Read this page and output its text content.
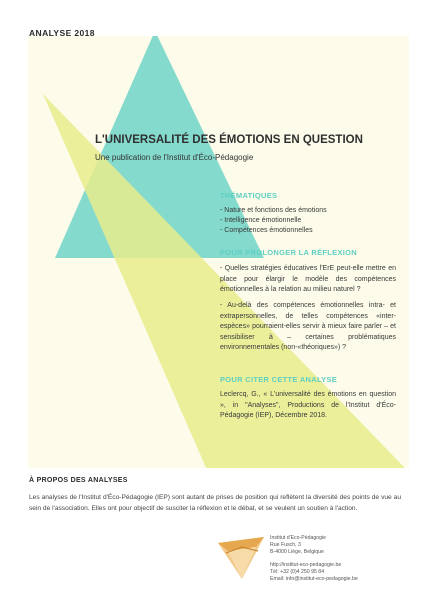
ANALYSE 2018
L'UNIVERSALITÉ DES ÉMOTIONS EN QUESTION
Une publication de l'Institut d'Éco-Pédagogie
THÉMATIQUES
- Nature et fonctions des émotions
- Intelligence émotionnelle
- Compétences émotionnelles
POUR PROLONGER LA RÉFLEXION

- Quelles stratégies éducatives l'ErE peut-elle mettre en place pour élargir le modèle des compétences émotionnelles à la relation au milieu naturel ?

- Au-delà des compétences émotionnelles intra- et extrapersonnelles, de telles compétences «inter-espèces» pourraient-elles servir à mieux faire parler – et sensibiliser à – certaines problématiques environnementales (non-«théoriques») ?

POUR CITER CETTE ANALYSE

Leclercq, G., « L'universalité des émotions en question », in "Analyses", Productions de l'Institut d'Éco-Pédagogie (IEP), Décembre 2018.

À PROPOS DES ANALYSES
Les analyses de l'Institut d'Éco-Pédagogie (IEP) sont autant de prises de position qui reflètent la diversité des points de vue au sein de l'association. Elles ont pour objectif de susciter la réflexion et le débat, et se veulent un soutien à l'action.
Institut d'Eco-Pédagogie
Rue Fusch, 3
B-4000 Liège, Belgique
http://institut-eco-pedagogie.be
Tél: +32 (0)4 250 95 84
Email: info@institut-eco-pedagogie.be
